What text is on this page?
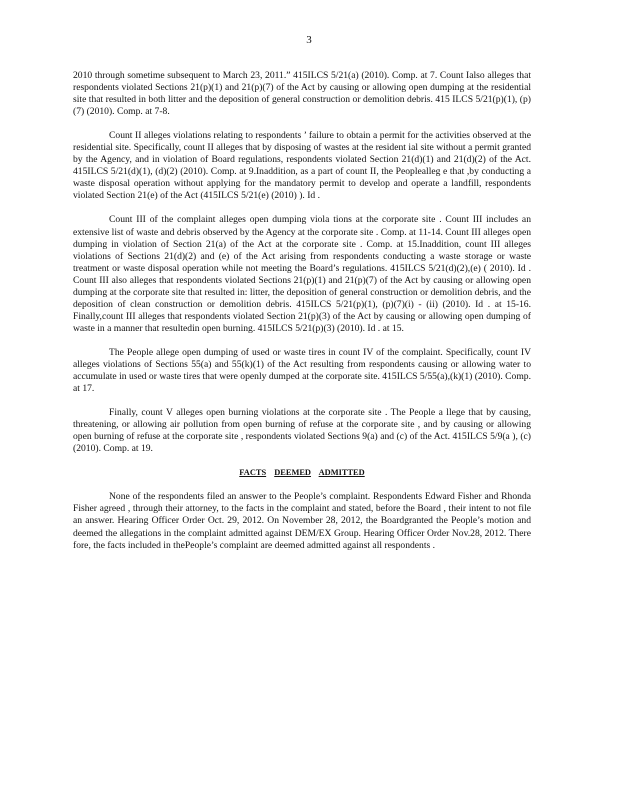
3

2010 through sometime subsequent to March 23, 2011.” 415ILCS 5/21(a) (2010). Comp. at 7. Count Ialso alleges that respondents violated Sections 21(p)(1) and 21(p)(7) of the Act by causing or allowing open dumping at the residential site that resulted in both litter and the deposition of general construction or demolition debris. 415 ILCS 5/21(p)(1), (p)(7) (2010). Comp. at 7-8.

Count II alleges violations relating to respondents ’ failure to obtain a permit for the activities observed at the residential site. Specifically, count II alleges that by disposing of wastes at the resident ial site without a permit granted by the Agency, and in violation of Board regulations, respondents violated Section 21(d)(1) and 21(d)(2) of the Act. 415ILCS 5/21(d)(1), (d)(2) (2010). Comp. at 9.Inaddition, as a part of count II, the Peoplealleg e that ,by conducting a waste disposal operation without applying for the mandatory permit to develop and operate a landfill, respondents violated Section 21(e) of the Act (415ILCS 5/21(e) (2010) ). Id .

Count III of the complaint alleges open dumping viola tions at the corporate site . Count III includes an extensive list of waste and debris observed by the Agency at the corporate site . Comp. at 11-14. Count III alleges open dumping in violation of Section 21(a) of the Act at the corporate site . Comp. at 15.Inaddition, count III alleges violations of Sections 21(d)(2) and (e) of the Act arising from respondents conducting a waste storage or waste treatment or waste disposal operation while not meeting the Board’s regulations. 415ILCS 5/21(d)(2),(e) ( 2010). Id . Count III also alleges that respondents violated Sections 21(p)(1) and 21(p)(7) of the Act by causing or allowing open dumping at the corporate site that resulted in: litter, the deposition of general construction or demolition debris, and the deposition of clean construction or demolition debris. 415ILCS 5/21(p)(1), (p)(7)(i) - (ii) (2010). Id . at 15-16. Finally,count III alleges that respondents violated Section 21(p)(3) of the Act by causing or allowing open dumping of waste in a manner that resultedin open burning. 415ILCS 5/21(p)(3) (2010). Id . at 15.

The People allege open dumping of used or waste tires in count IV of the complaint. Specifically, count IV alleges violations of Sections 55(a) and 55(k)(1) of the Act resulting from respondents causing or allowing water to accumulate in used or waste tires that were openly dumped at the corporate site. 415ILCS 5/55(a),(k)(1) (2010). Comp. at 17.

Finally, count V alleges open burning violations at the corporate site . The People a llege that by causing, threatening, or allowing air pollution from open burning of refuse at the corporate site , and by causing or allowing open burning of refuse at the corporate site , respondents violated Sections 9(a) and (c) of the Act. 415ILCS 5/9(a ), (c) (2010). Comp. at 19.

FACTS DEEMED ADMITTED

None of the respondents filed an answer to the People’s complaint. Respondents Edward Fisher and Rhonda Fisher agreed , through their attorney, to the facts in the complaint and stated, before the Board , their intent to not file an answer. Hearing Officer Order Oct. 29, 2012. On November 28, 2012, the Boardgranted the People’s motion and deemed the allegations in the complaint admitted against DEM/EX Group. Hearing Officer Order Nov.28, 2012. There fore, the facts included in thePeople’s complaint are deemed admitted against all respondents .
